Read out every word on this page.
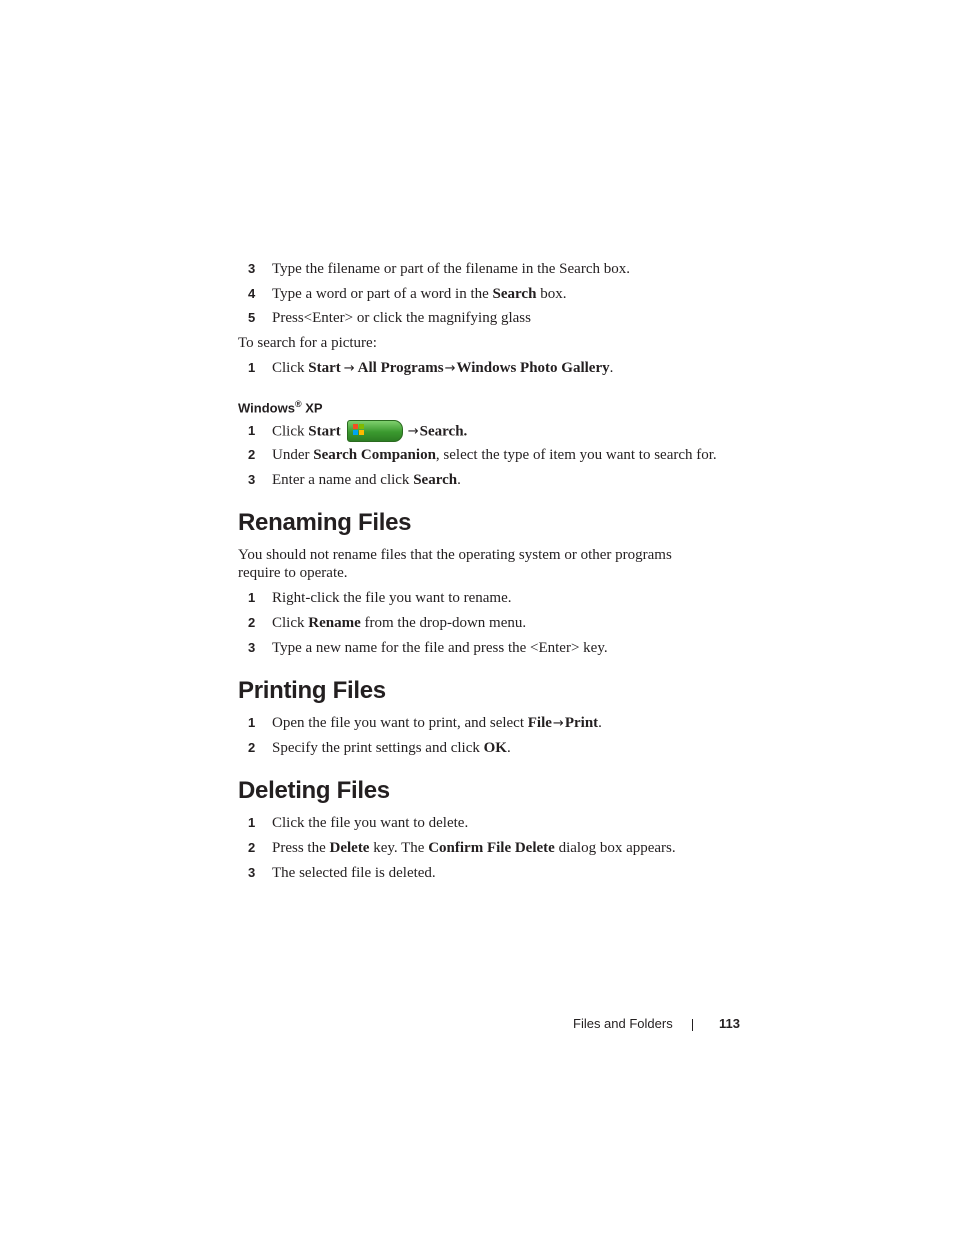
3 Type the filename or part of the filename in the Search box.
4 Type a word or part of a word in the Search box.
5 Press<Enter> or click the magnifying glass
To search for a picture:
1 Click Start → All Programs→Windows Photo Gallery.
Windows® XP
1 Click Start	→Search.
2 Under Search Companion, select the type of item you want to search for.
3 Enter a name and click Search.
Renaming Files
You should not rename files that the operating system or other programs
require to operate.
1 Right-click the file you want to rename.
2 Click Rename from the drop-down menu.
3 Type a new name for the file and press the <Enter> key.
Printing Files
1 Open the file you want to print, and select File→Print.
2 Specify the print settings and click OK.
Deleting Files
1 Click the file you want to delete.
2 Press the Delete key. The Confirm File Delete dialog box appears.
3 The selected file is deleted.
Files and Folders	113
